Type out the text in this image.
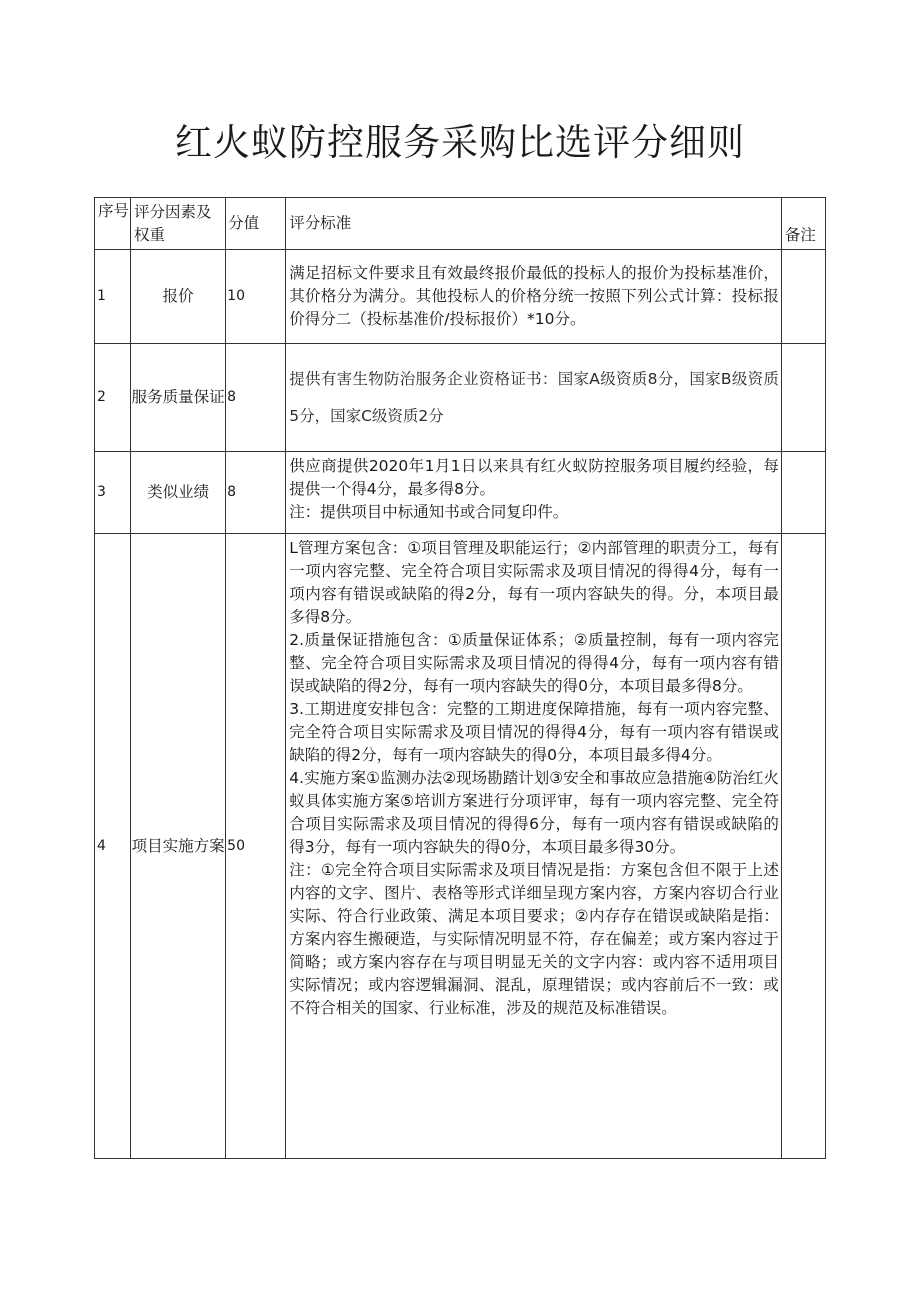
红火蚁防控服务采购比选评分细则
序号	评分因素及权重	分值	评分标准	备注
1	报价	10	满足招标文件要求且有效最终报价最低的投标人的报价为投标基准价，其价格分为满分。其他投标人的价格分统一按照下列公式计算：投标报价得分二（投标基准价/投标报价）*10分。	

2	服务质量保证	8	提供有害生物防治服务企业资格证书：国家A级资质8分，国家B级资质5分，国家C级资质2分	

3	类似业绩	8	供应商提供2020年1月1日以来具有红火蚁防控服务项目履约经验，每提供一个得4分，最多得8分。

注：提供项目中标通知书或合同复印件。	

4	项目实施方案	50	L管理方案包含：①项目管理及职能运行；②内部管理的职责分工，每有一项内容完整、完全符合项目实际需求及项目情况的得得4分，每有一项内容有错误或缺陷的得2分，每有一项内容缺失的得。分，本项目最多得8分。

2.质量保证措施包含：①质量保证体系；②质量控制，每有一项内容完整、完全符合项目实际需求及项目情况的得得4分，每有一项内容有错误或缺陷的得2分，每有一项内容缺失的得0分，本项目最多得8分。

3.工期进度安排包含：完整的工期进度保障措施，每有一项内容完整、完全符合项目实际需求及项目情况的得得4分，每有一项内容有错误或缺陷的得2分，每有一项内容缺失的得0分，本项目最多得4分。

4.实施方案①监测办法②现场勘踏计划③安全和事故应急措施④防治红火蚁具体实施方案⑤培训方案进行分项评审，每有一项内容完整、完全符合项目实际需求及项目情况的得得6分，每有一项内容有错误或缺陷的得3分，每有一项内容缺失的得0分，本项目最多得30分。

注：①完全符合项目实际需求及项目情况是指：方案包含但不限于上述内容的文字、图片、表格等形式详细呈现方案内容，方案内容切合行业实际、符合行业政策、满足本项目要求；②内存存在错误或缺陷是指：方案内容生搬硬造，与实际情况明显不符，存在偏差；或方案内容过于简略；或方案内容存在与项目明显无关的文字内容：或内容不适用项目实际情况；或内容逻辑漏洞、混乱，原理错误；或内容前后不一致：或不符合相关的国家、行业标准，涉及的规范及标准错误。	
